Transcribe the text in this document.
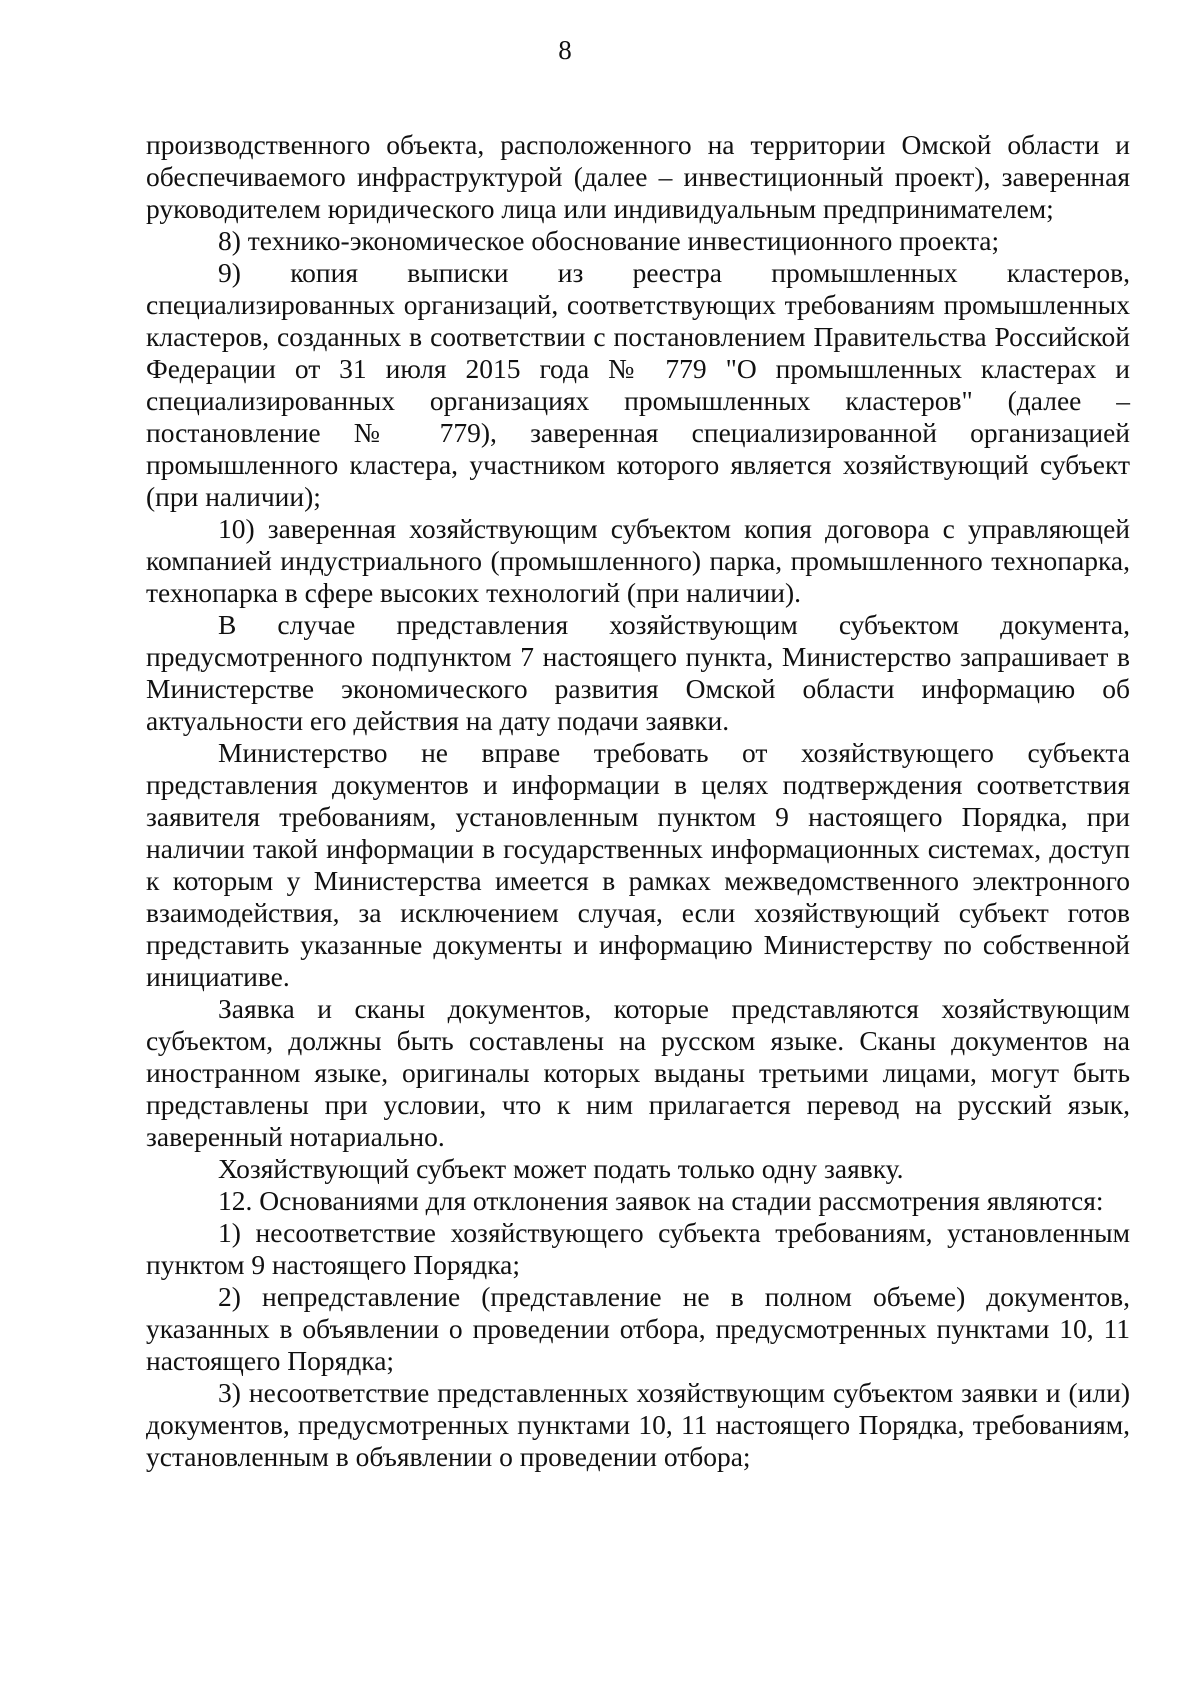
8

производственного объекта, расположенного на территории Омской области и обеспечиваемого инфраструктурой (далее – инвестиционный проект), заверенная руководителем юридического лица или индивидуальным предпринимателем;

8) технико-экономическое обоснование инвестиционного проекта;

9) копия выписки из реестра промышленных кластеров, специализированных организаций, соответствующих требованиям промышленных кластеров, созданных в соответствии с постановлением Правительства Российской Федерации от 31 июля 2015 года № 779 "О промышленных кластерах и специализированных организациях промышленных кластеров" (далее – постановление № 779), заверенная специализированной организацией промышленного кластера, участником которого является хозяйствующий субъект (при наличии);

10) заверенная хозяйствующим субъектом копия договора с управляющей компанией индустриального (промышленного) парка, промышленного технопарка, технопарка в сфере высоких технологий (при наличии).

В случае представления хозяйствующим субъектом документа, предусмотренного подпунктом 7 настоящего пункта, Министерство запрашивает в Министерстве экономического развития Омской области информацию об актуальности его действия на дату подачи заявки.

Министерство не вправе требовать от хозяйствующего субъекта представления документов и информации в целях подтверждения соответствия заявителя требованиям, установленным пунктом 9 настоящего Порядка, при наличии такой информации в государственных информационных системах, доступ к которым у Министерства имеется в рамках межведомственного электронного взаимодействия, за исключением случая, если хозяйствующий субъект готов представить указанные документы и информацию Министерству по собственной инициативе.

Заявка и сканы документов, которые представляются хозяйствующим субъектом, должны быть составлены на русском языке. Сканы документов на иностранном языке, оригиналы которых выданы третьими лицами, могут быть представлены при условии, что к ним прилагается перевод на русский язык, заверенный нотариально.

Хозяйствующий субъект может подать только одну заявку.

12. Основаниями для отклонения заявок на стадии рассмотрения являются:

1) несоответствие хозяйствующего субъекта требованиям, установленным пунктом 9 настоящего Порядка;

2) непредставление (представление не в полном объеме) документов, указанных в объявлении о проведении отбора, предусмотренных пунктами 10, 11 настоящего Порядка;

3) несоответствие представленных хозяйствующим субъектом заявки и (или) документов, предусмотренных пунктами 10, 11 настоящего Порядка, требованиям, установленным в объявлении о проведении отбора;
